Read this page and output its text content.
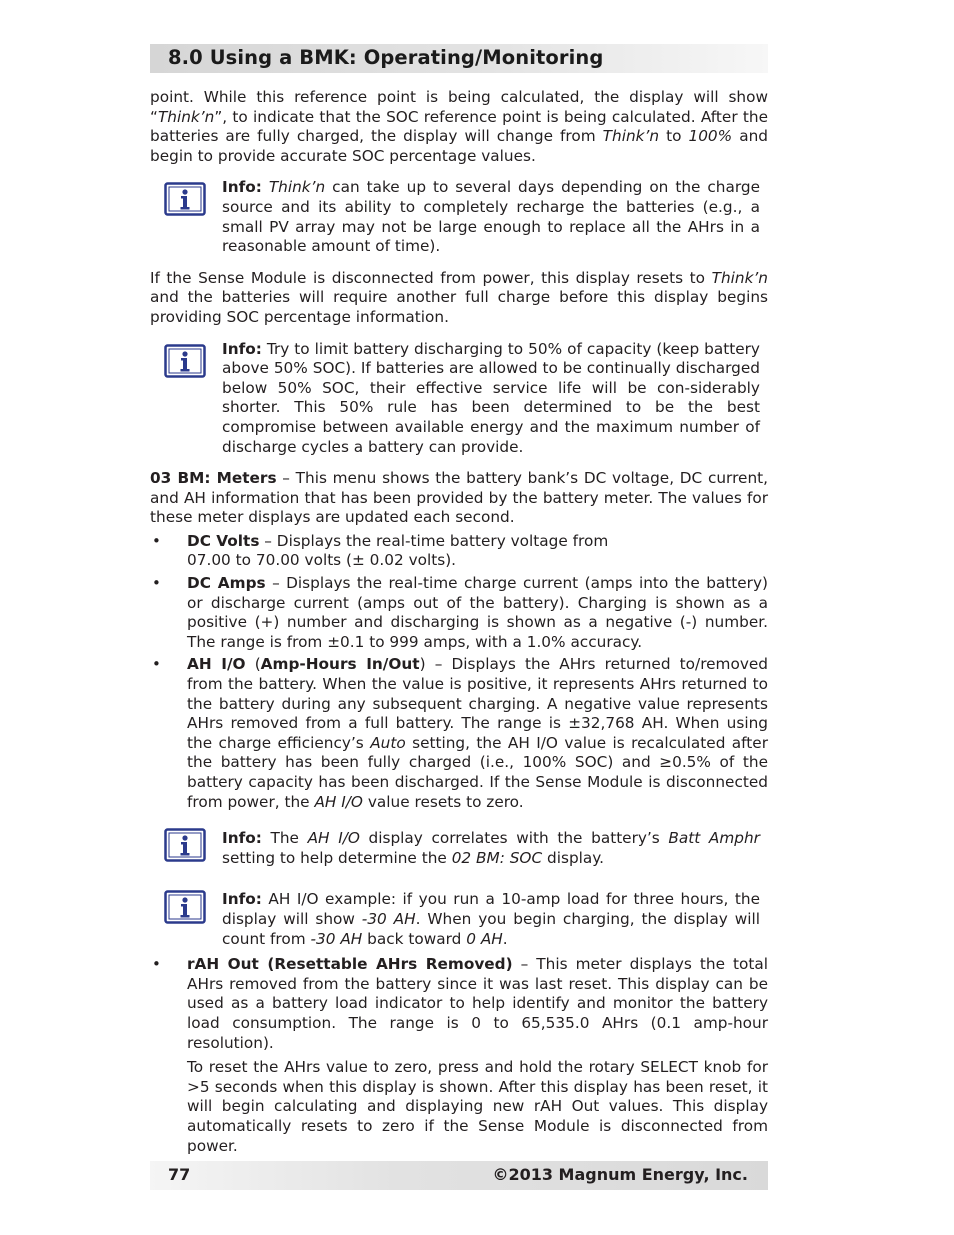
8.0 Using a BMK: Operating/Monitoring

point. While this reference point is being calculated, the display will show “Think’n”, to indicate that the SOC reference point is being calculated. After the batteries are fully charged, the display will change from Think’n to 100% and begin to provide accurate SOC percentage values.

Info: Think’n can take up to several days depending on the charge source and its ability to completely recharge the batteries (e.g., a small PV array may not be large enough to replace all the AHrs in a reasonable amount of time).

If the Sense Module is disconnected from power, this display resets to Think’n and the batteries will require another full charge before this display begins providing SOC percentage information.

Info: Try to limit battery discharging to 50% of capacity (keep battery above 50% SOC). If batteries are allowed to be continually discharged below 50% SOC, their effective service life will be con-siderably shorter. This 50% rule has been determined to be the best compromise between available energy and the maximum number of discharge cycles a battery can provide.

03 BM: Meters – This menu shows the battery bank’s DC voltage, DC current, and AH information that has been provided by the battery meter. The values for these meter displays are updated each second.

• DC Volts – Displays the real-time battery voltage from
07.00 to 70.00 volts (± 0.02 volts).

• DC Amps – Displays the real-time charge current (amps into the battery) or discharge current (amps out of the battery). Charging is shown as a positive (+) number and discharging is shown as a negative (-) number. The range is from ±0.1 to 999 amps, with a 1.0% accuracy.

• AH I/O (Amp-Hours In/Out) – Displays the AHrs returned to/removed from the battery. When the value is positive, it represents AHrs returned to the battery during any subsequent charging. A negative value represents AHrs removed from a full battery. The range is ±32,768 AH. When using the charge efficiency’s Auto setting, the AH I/O value is recalculated after the battery has been fully charged (i.e., 100% SOC) and ≥0.5% of the battery capacity has been discharged. If the Sense Module is disconnected from power, the AH I/O value resets to zero.

Info: The AH I/O display correlates with the battery’s Batt Amphr setting to help determine the 02 BM: SOC display.

Info: AH I/O example: if you run a 10-amp load for three hours, the display will show -30 AH. When you begin charging, the display will count from -30 AH back toward 0 AH.

• rAH Out (Resettable AHrs Removed) – This meter displays the total AHrs removed from the battery since it was last reset. This display can be used as a battery load indicator to help identify and monitor the battery load consumption. The range is 0 to 65,535.0 AHrs (0.1 amp-hour resolution).

To reset the AHrs value to zero, press and hold the rotary SELECT knob for >5 seconds when this display is shown. After this display has been reset, it will begin calculating and displaying new rAH Out values. This display automatically resets to zero if the Sense Module is disconnected from power.

77	©2013 Magnum Energy, Inc.
